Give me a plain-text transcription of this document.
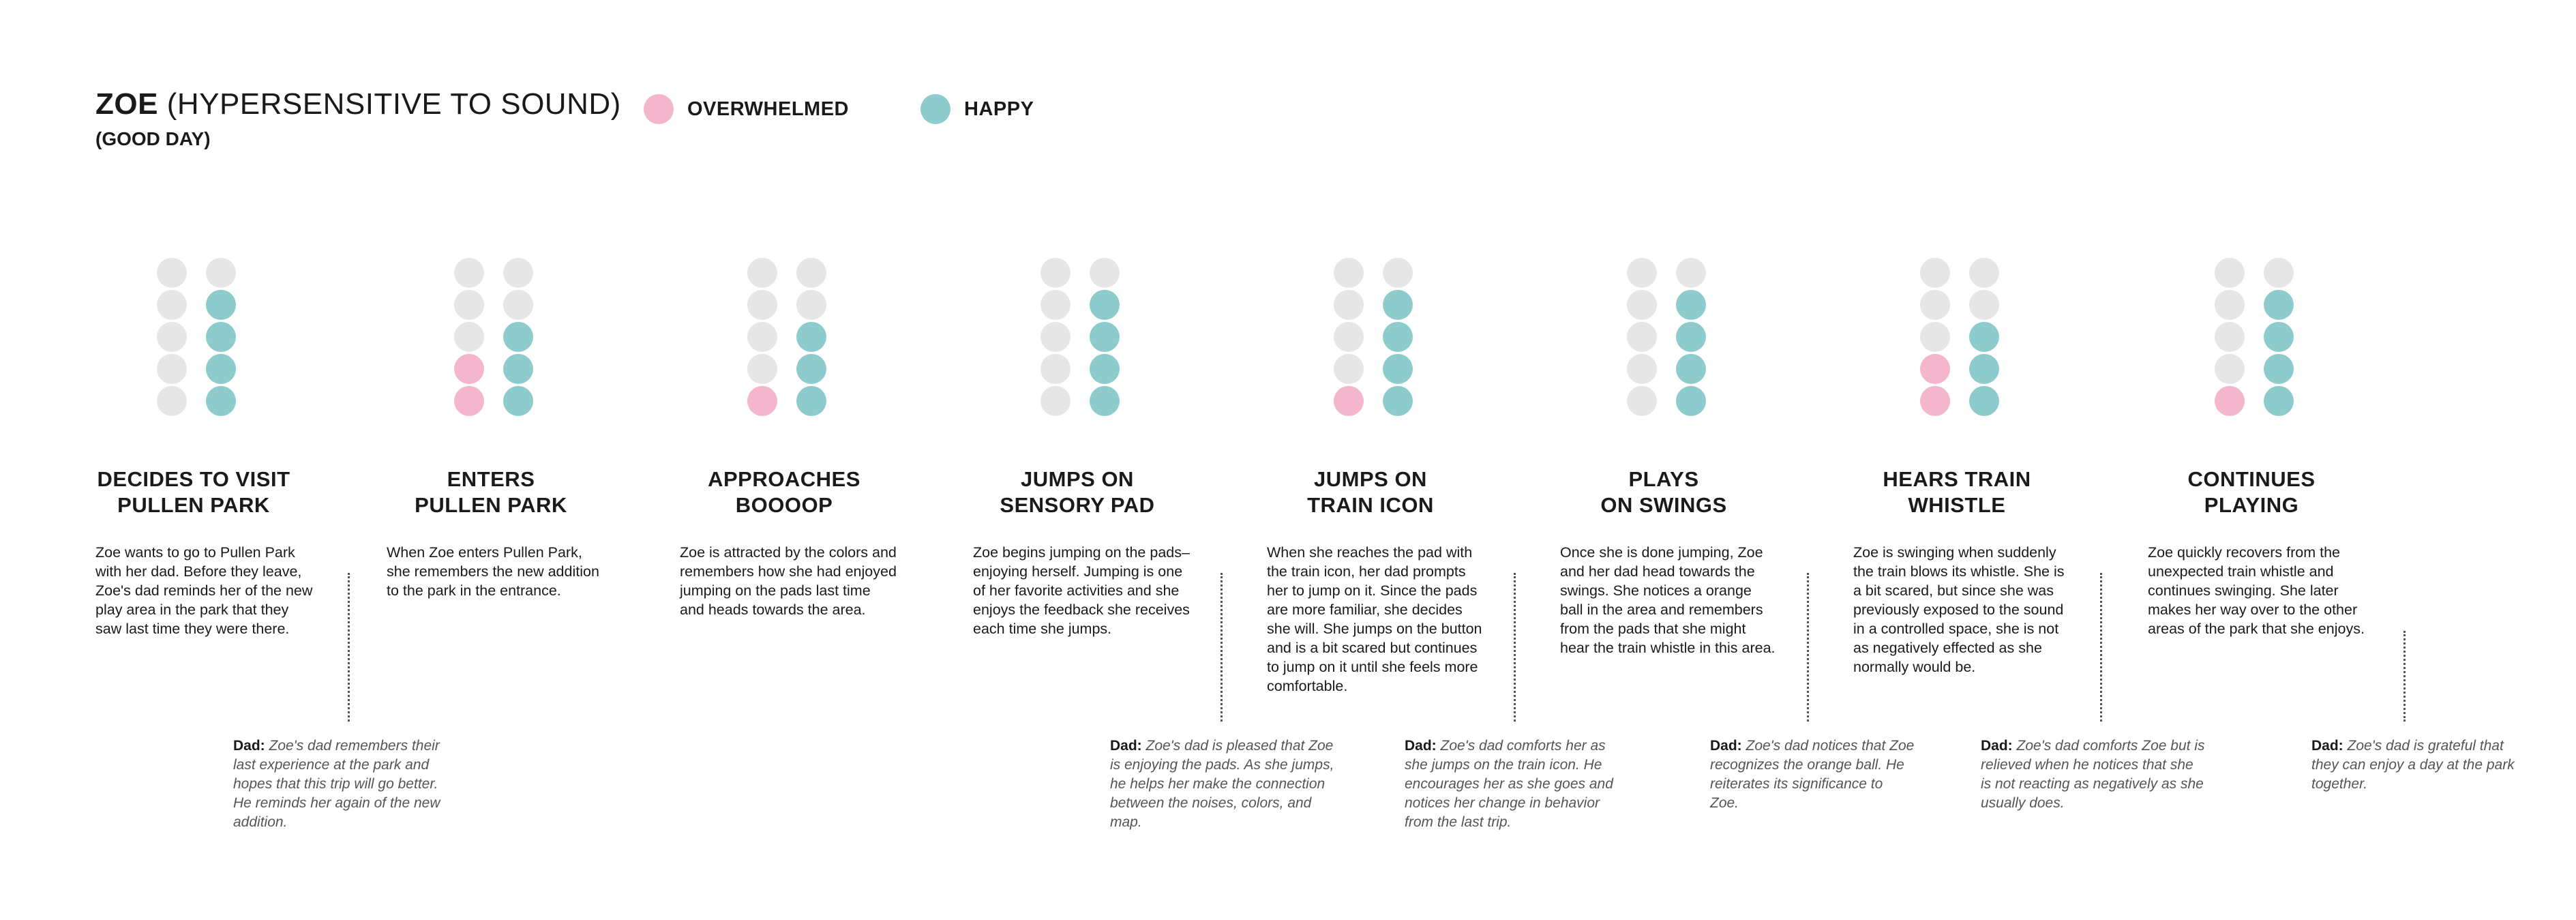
ZOE (HYPERSENSITIVE TO SOUND)
(GOOD DAY)
OVERWHELMED	HAPPY
DECIDES TO VISIT
PULLEN PARK
Zoe wants to go to Pullen Park with her dad. Before they leave, Zoe's dad reminds her of the new play area in the park that they saw last time they were there.
ENTERS
PULLEN PARK
When Zoe enters Pullen Park, she remembers the new addition to the park in the entrance.
APPROACHES
BOOOOP
Zoe is attracted by the colors and remembers how she had enjoyed jumping on the pads last time and heads towards the area.
JUMPS ON
SENSORY PAD
Zoe begins jumping on the pads–enjoying herself. Jumping is one of her favorite activities and she enjoys the feedback she receives each time she jumps.
JUMPS ON
TRAIN ICON
When she reaches the pad with the train icon, her dad prompts her to jump on it. Since the pads are more familiar, she decides she will. She jumps on the button and is a bit scared but continues to jump on it until she feels more comfortable.
PLAYS
ON SWINGS
Once she is done jumping, Zoe and her dad head towards the swings. She notices a orange ball in the area and remembers from the pads that she might hear the train whistle in this area.
HEARS TRAIN
WHISTLE
Zoe is swinging when suddenly the train blows its whistle. She is a bit scared, but since she was previously exposed to the sound in a controlled space, she is not as negatively effected as she normally would be.
CONTINUES
PLAYING
Zoe quickly recovers from the unexpected train whistle and continues swinging. She later makes her way over to the other areas of the park that she enjoys.
Dad: Zoe's dad remembers their last experience at the park and hopes that this trip will go better. He reminds her again of the new addition.
Dad: Zoe's dad is pleased that Zoe is enjoying the pads. As she jumps, he helps her make the connection between the noises, colors, and map.
Dad: Zoe's dad comforts her as she jumps on the train icon. He encourages her as she goes and notices her change in behavior from the last trip.
Dad: Zoe's dad notices that Zoe recognizes the orange ball. He reiterates its significance to Zoe.
Dad: Zoe's dad comforts Zoe but is relieved when he notices that she is not reacting as negatively as she usually does.
Dad: Zoe's dad is grateful that they can enjoy a day at the park together.
